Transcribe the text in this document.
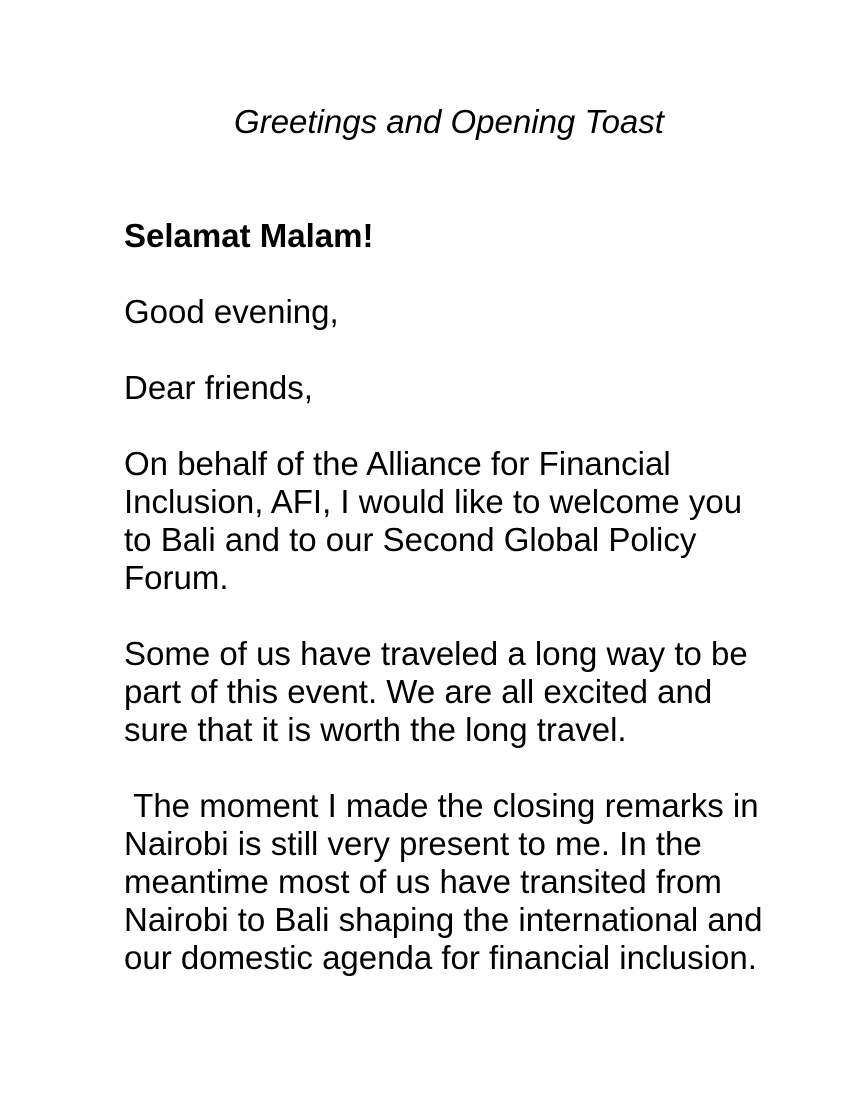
Greetings and Opening Toast

Selamat Malam!

Good evening,

Dear friends,

On behalf of the Alliance for Financial Inclusion, AFI, I would like to welcome you to Bali and to our Second Global Policy Forum.

Some of us have traveled a long way to be part of this event. We are all excited and sure that it is worth the long travel.

The moment I made the closing remarks in Nairobi is still very present to me. In the meantime most of us have transited from Nairobi to Bali shaping the international and our domestic agenda for financial inclusion.
